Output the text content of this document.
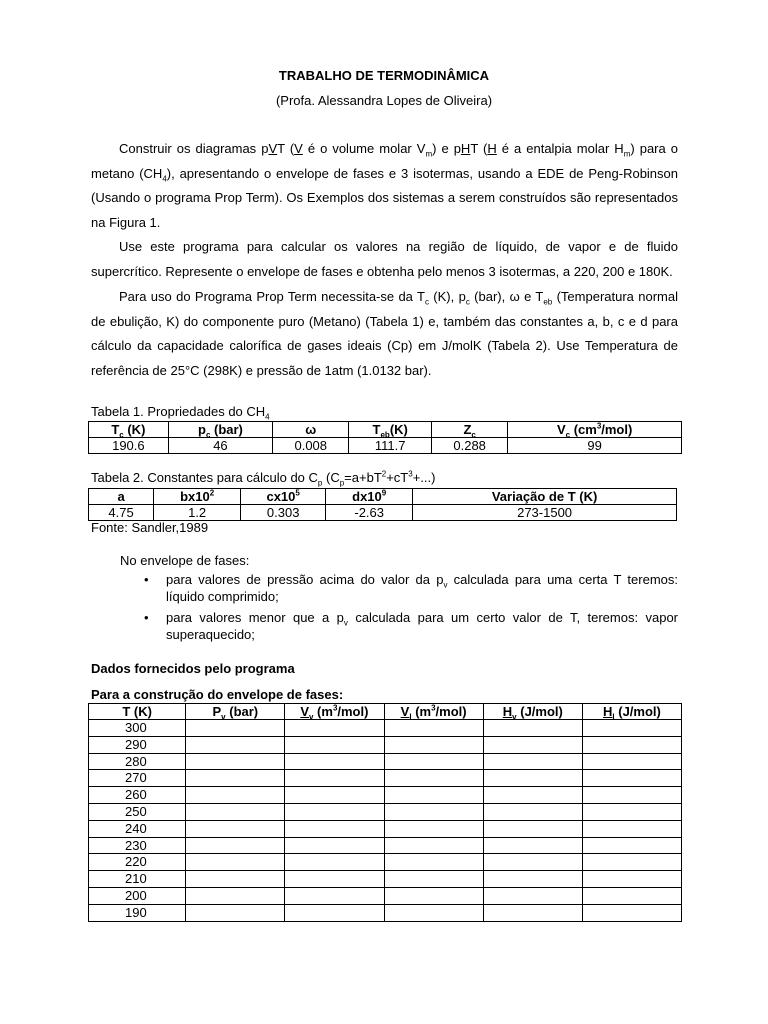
TRABALHO DE TERMODINÂMICA
(Profa. Alessandra Lopes de Oliveira)

Construir os diagramas pVT (V é o volume molar $V_m$) e pHT (H é a entalpia molar $H_m$) para o metano $(CH_4)$, apresentando o envelope de fases e 3 isotermas, usando a EDE de Peng-Robinson (Usando o programa Prop Term). Os Exemplos dos sistemas a serem construídos são representados na Figura 1.

Use este programa para calcular os valores na região de líquido, de vapor e de fluido supercrítico. Represente o envelope de fases e obtenha pelo menos 3 isotermas, a 220, 200 e 180K.

Para uso do Programa Prop Term necessita-se da $T_c$ (K), $p_c$ (bar), ω e $T_{eb}$ (Temperatura normal de ebulição, K) do componente puro (Metano) (Tabela 1) e, também das constantes a, b, c e d para cálculo da capacidade calorífica de gases ideais (Cp) em J/molK (Tabela 2). Use Temperatura de referência de 25°C (298K) e pressão de 1atm (1.0132 bar).

Tabela 1. Propriedades do $CH_4$
$T_c$ (K)	$p_c$ (bar)	ω	$T_{eb}(K)$	$Z_c$	$V_c$ $(cm^3/mol)$
190.6	46	0.008	111.7	0.288	99
Tabela 2. Constantes para cálculo do $C_p$ $(C_p=a+bT^2+cT^3+...)$
a	$bx10^2$	$cx10^5$	$dx10^9$	Variação de T (K)
4.75	1.2	0.303	-2.63	273-1500
Fonte: Sandler,1989
No envelope de fases:
• para valores de pressão acima do valor da $p_v$ calculada para uma certa T teremos: líquido comprimido;
• para valores menor que a $p_v$ calculada para um certo valor de T, teremos: vapor superaquecido;
Dados fornecidos pelo programa
Para a construção do envelope de fases:
T (K)	$P_v$ (bar)	$V_v$ $(m^3/mol)$	$V_l$ $(m^3/mol)$	$H_v$ (J/mol)	$H_l$ (J/mol)
300					
290					
280					
270					
260					
250					
240					
230					
220					
210					
200					
190					
